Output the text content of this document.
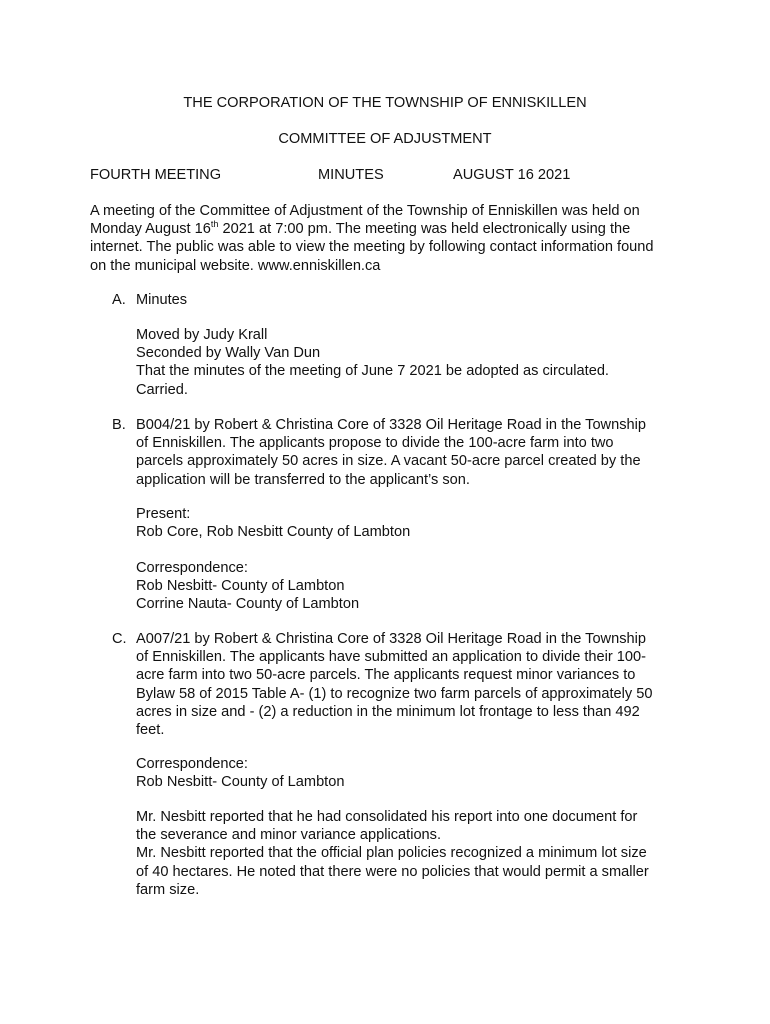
THE CORPORATION OF THE TOWNSHIP OF ENNISKILLEN
COMMITTEE OF ADJUSTMENT
FOURTH MEETING	MINUTES	AUGUST 16 2021
A meeting of the Committee of Adjustment of the Township of Enniskillen was held on
Monday August 16th 2021 at 7:00 pm. The meeting was held electronically using the
internet. The public was able to view the meeting by following contact information found
on the municipal website. www.enniskillen.ca
A. Minutes
Moved by Judy Krall
Seconded by Wally Van Dun
That the minutes of the meeting of June 7 2021 be adopted as circulated.
Carried.
B. B004/21 by Robert & Christina Core of 3328 Oil Heritage Road in the Township
of Enniskillen. The applicants propose to divide the 100-acre farm into two
parcels approximately 50 acres in size. A vacant 50-acre parcel created by the
application will be transferred to the applicant’s son.
Present:
Rob Core, Rob Nesbitt County of Lambton
Correspondence:
Rob Nesbitt- County of Lambton
Corrine Nauta- County of Lambton
C. A007/21 by Robert & Christina Core of 3328 Oil Heritage Road in the Township
of Enniskillen. The applicants have submitted an application to divide their 100-
acre farm into two 50-acre parcels. The applicants request minor variances to
Bylaw 58 of 2015 Table A- (1) to recognize two farm parcels of approximately 50
acres in size and - (2) a reduction in the minimum lot frontage to less than 492
feet.
Correspondence:
Rob Nesbitt- County of Lambton
Mr. Nesbitt reported that he had consolidated his report into one document for
the severance and minor variance applications.
Mr. Nesbitt reported that the official plan policies recognized a minimum lot size
of 40 hectares. He noted that there were no policies that would permit a smaller
farm size.
